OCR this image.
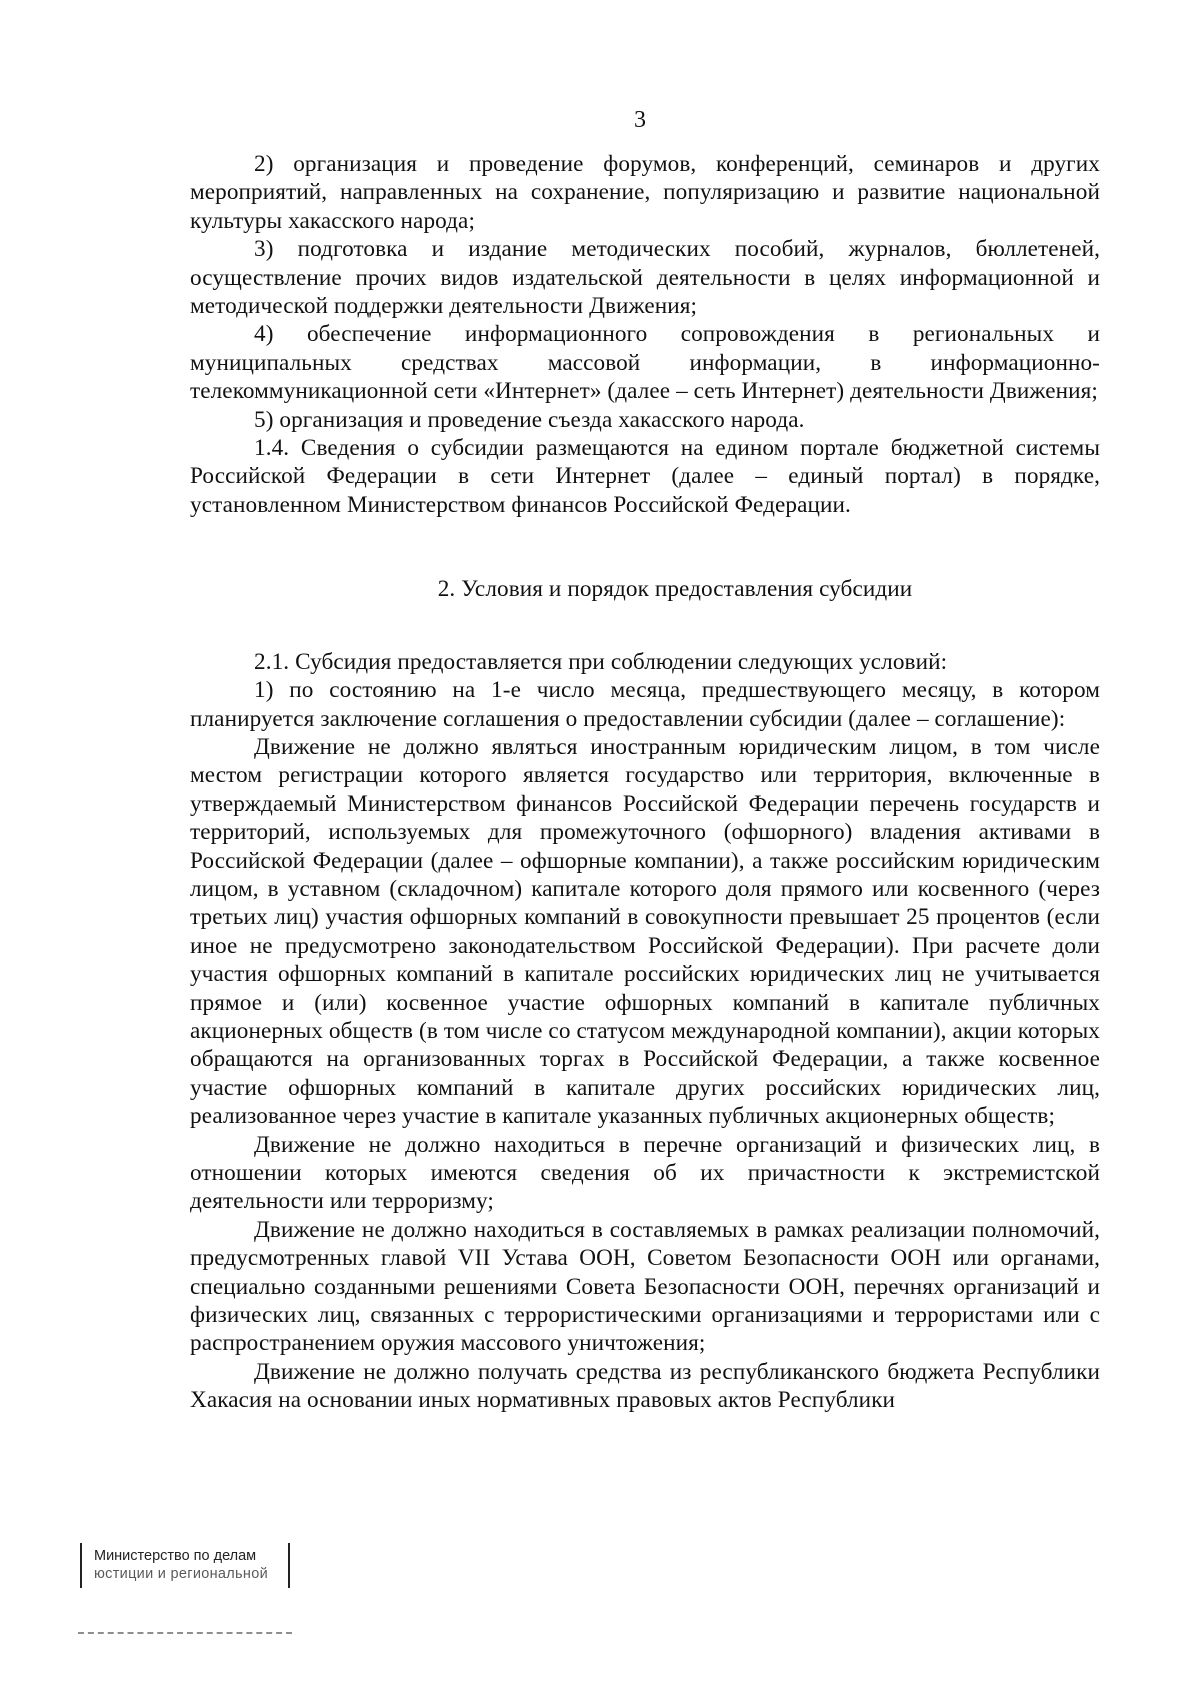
3

2) организация и проведение форумов, конференций, семинаров и других мероприятий, направленных на сохранение, популяризацию и развитие национальной культуры хакасского народа;

3) подготовка и издание методических пособий, журналов, бюллетеней, осуществление прочих видов издательской деятельности в целях информационной и методической поддержки деятельности Движения;

4) обеспечение информационного сопровождения в региональных и муниципальных средствах массовой информации, в информационно-телекоммуникационной сети «Интернет» (далее – сеть Интернет) деятельности Движения;

5) организация и проведение съезда хакасского народа.

1.4. Сведения о субсидии размещаются на едином портале бюджетной системы Российской Федерации в сети Интернет (далее – единый портал) в порядке, установленном Министерством финансов Российской Федерации.

2. Условия и порядок предоставления субсидии

2.1. Субсидия предоставляется при соблюдении следующих условий:

1) по состоянию на 1-е число месяца, предшествующего месяцу, в котором планируется заключение соглашения о предоставлении субсидии (далее – соглашение):

Движение не должно являться иностранным юридическим лицом, в том числе местом регистрации которого является государство или территория, включенные в утверждаемый Министерством финансов Российской Федерации перечень государств и территорий, используемых для промежуточного (офшорного) владения активами в Российской Федерации (далее – офшорные компании), а также российским юридическим лицом, в уставном (складочном) капитале которого доля прямого или косвенного (через третьих лиц) участия офшорных компаний в совокупности превышает 25 процентов (если иное не предусмотрено законодательством Российской Федерации). При расчете доли участия офшорных компаний в капитале российских юридических лиц не учитывается прямое и (или) косвенное участие офшорных компаний в капитале публичных акционерных обществ (в том числе со статусом международной компании), акции которых обращаются на организованных торгах в Российской Федерации, а также косвенное участие офшорных компаний в капитале других российских юридических лиц, реализованное через участие в капитале указанных публичных акционерных обществ;

Движение не должно находиться в перечне организаций и физических лиц, в отношении которых имеются сведения об их причастности к экстремистской деятельности или терроризму;

Движение не должно находиться в составляемых в рамках реализации полномочий, предусмотренных главой VII Устава ООН, Советом Безопасности ООН или органами, специально созданными решениями Совета Безопасности ООН, перечнях организаций и физических лиц, связанных с террористическими организациями и террористами или с распространением оружия массового уничтожения;

Движение не должно получать средства из республиканского бюджета Республики Хакасия на основании иных нормативных правовых актов Республики

Министерство по делам
юстиции и региональной
